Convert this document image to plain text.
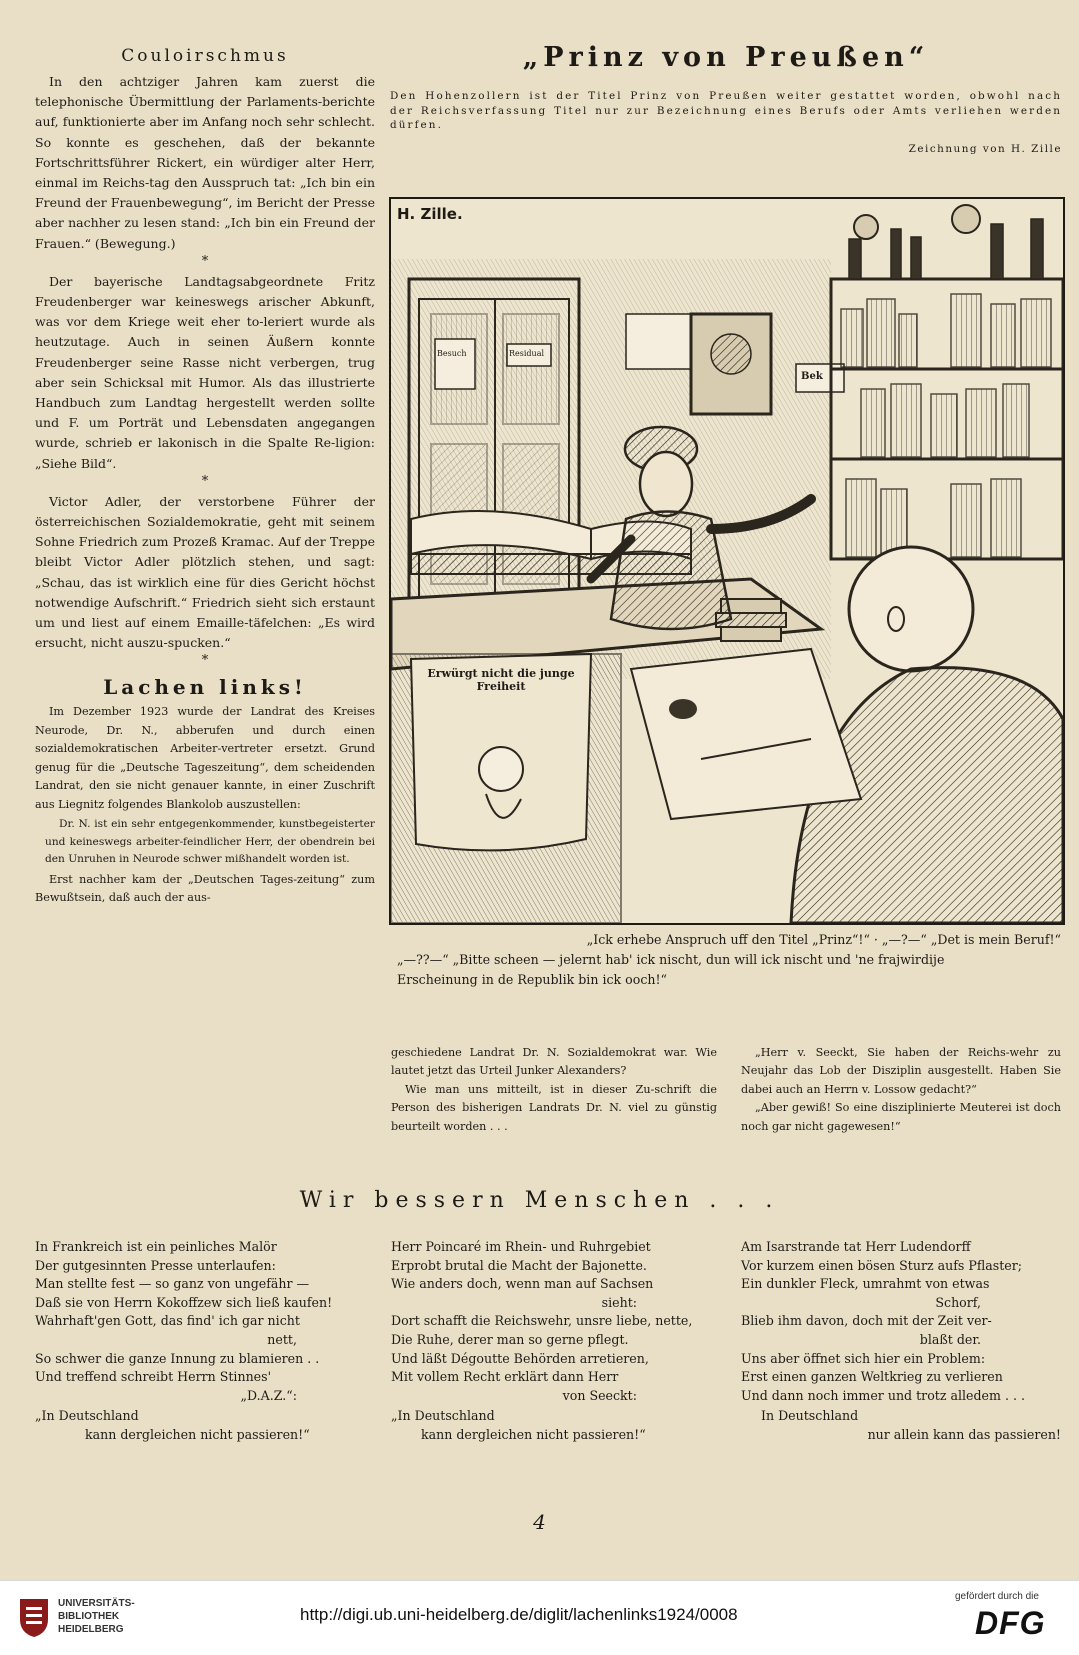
Couloirschmus

In den achtziger Jahren kam zuerst die telephonische Übermittlung der Parlaments-berichte auf, funktionierte aber im Anfang noch sehr schlecht. So konnte es geschehen, daß der bekannte Fortschrittsführer Rickert, ein würdiger alter Herr, einmal im Reichs-tag den Ausspruch tat: „Ich bin ein Freund der Frauenbewegung“, im Bericht der Presse aber nachher zu lesen stand: „Ich bin ein Freund der Frauen.“ (Bewegung.)

*

Der bayerische Landtagsabgeordnete Fritz Freudenberger war keineswegs arischer Abkunft, was vor dem Kriege weit eher to-leriert wurde als heutzutage. Auch in seinen Äußern konnte Freudenberger seine Rasse nicht verbergen, trug aber sein Schicksal mit Humor. Als das illustrierte Handbuch zum Landtag hergestellt werden sollte und F. um Porträt und Lebensdaten angegangen wurde, schrieb er lakonisch in die Spalte Re-ligion: „Siehe Bild“.

*

Victor Adler, der verstorbene Führer der österreichischen Sozialdemokratie, geht mit seinem Sohne Friedrich zum Prozeß Kramac. Auf der Treppe bleibt Victor Adler plötzlich stehen, und sagt: „Schau, das ist wirklich eine für dies Gericht höchst notwendige Aufschrift.“ Friedrich sieht sich erstaunt um und liest auf einem Emaille-täfelchen: „Es wird ersucht, nicht auszu-spucken.“

*
Lachen links!

Im Dezember 1923 wurde der Landrat des Kreises Neurode, Dr. N., abberufen und durch einen sozialdemokratischen Arbeiter-vertreter ersetzt. Grund genug für die „Deutsche Tageszeitung“, dem scheidenden Landrat, den sie nicht genauer kannte, in einer Zuschrift aus Liegnitz folgendes Blankolob auszustellen:

Dr. N. ist ein sehr entgegenkommender, kunstbegeisterter und keineswegs arbeiter-feindlicher Herr, der obendrein bei den Unruhen in Neurode schwer mißhandelt worden ist.

Erst nachher kam der „Deutschen Tages-zeitung“ zum Bewußtsein, daß auch der aus-

„Prinz von Preußen“
Den Hohenzollern ist der Titel Prinz von Preußen weiter gestattet worden, obwohl nach der Reichsverfassung Titel nur zur Bezeichnung eines Berufs oder Amts verliehen werden dürfen.
Zeichnung von H. Zille
H. Zille.
Besuch	Residual
Bek
Erwürgt nicht die junge Freiheit
„Ick erhebe Anspruch uff den Titel „Prinz“!“ · „—?—“ „Det is mein Beruf!“
„—??—“ „Bitte scheen — jelernt hab' ick nischt, dun will ick nischt und 'ne frajwirdije
Erscheinung in de Republik bin ick ooch!“

geschiedene Landrat Dr. N. Sozialdemokrat war. Wie lautet jetzt das Urteil Junker Alexanders?

Wie man uns mitteilt, ist in dieser Zu-schrift die Person des bisherigen Landrats Dr. N. viel zu günstig beurteilt worden . . .

„Herr v. Seeckt, Sie haben der Reichs-wehr zu Neujahr das Lob der Disziplin ausgestellt. Haben Sie dabei auch an Herrn v. Lossow gedacht?“

„Aber gewiß! So eine disziplinierte Meuterei ist doch noch gar nicht gagewesen!“

Wir bessern Menschen . . .

In Frankreich ist ein peinliches Malör

Der gutgesinnten Presse unterlaufen:

Man stellte fest — so ganz von ungefähr —

Daß sie von Herrn Kokoffzew sich ließ kaufen!

Wahrhaft'gen Gott, das find' ich gar nicht

nett,

So schwer die ganze Innung zu blamieren . .

Und treffend schreibt Herrn Stinnes'

„D.A.Z.“:

„In Deutschland

kann dergleichen nicht passieren!“

Herr Poincaré im Rhein- und Ruhrgebiet

Erprobt brutal die Macht der Bajonette.

Wie anders doch, wenn man auf Sachsen

sieht:

Dort schafft die Reichswehr, unsre liebe, nette,

Die Ruhe, derer man so gerne pflegt.

Und läßt Dégoutte Behörden arretieren,

Mit vollem Recht erklärt dann Herr

von Seeckt:

„In Deutschland

kann dergleichen nicht passieren!“

Am Isarstrande tat Herr Ludendorff

Vor kurzem einen bösen Sturz aufs Pflaster;

Ein dunkler Fleck, umrahmt von etwas

Schorf,

Blieb ihm davon, doch mit der Zeit ver-

blaßt der.

Uns aber öffnet sich hier ein Problem:

Erst einen ganzen Weltkrieg zu verlieren

Und dann noch immer und trotz alledem . . .

In Deutschland

nur allein kann das passieren!

4
UNIVERSITÄTS-
BIBLIOTHEK
HEIDELBERG
http://digi.ub.uni-heidelberg.de/diglit/lachenlinks1924/0008
gefördert durch die
DFG
